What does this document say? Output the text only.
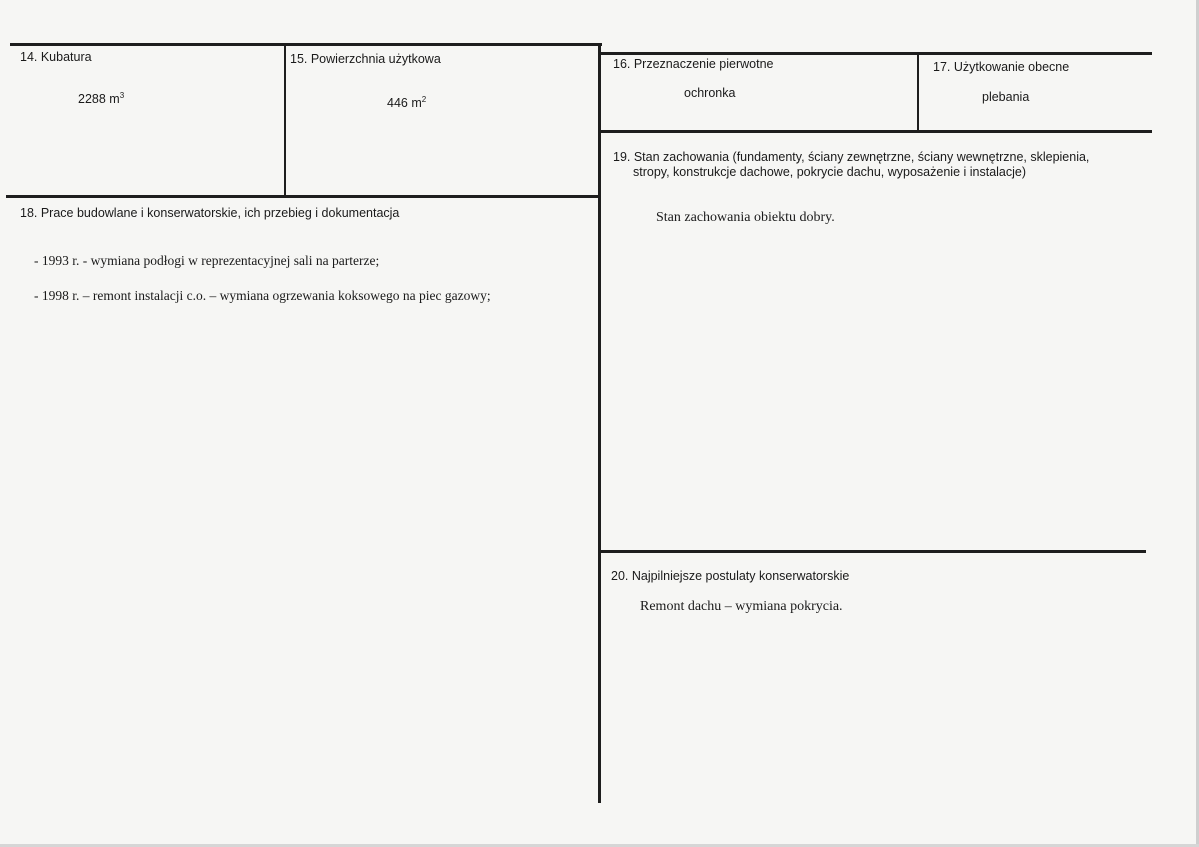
14. Kubatura
2288 $m^3$
15. Powierzchnia użytkowa
446 $m^2$
16. Przeznaczenie pierwotne
ochronka
17. Użytkowanie obecne
plebania
18. Prace budowlane i konserwatorskie, ich przebieg i dokumentacja
- 1993 r. - wymiana podłogi w reprezentacyjnej sali na parterze;
- 1998 r. – remont instalacji c.o. – wymiana ogrzewania koksowego na piec gazowy;
19. Stan zachowania (fundamenty, ściany zewnętrzne, ściany wewnętrzne, sklepienia,
stropy, konstrukcje dachowe, pokrycie dachu, wyposażenie i instalacje)
Stan zachowania obiektu dobry.
20. Najpilniejsze postulaty konserwatorskie
Remont dachu – wymiana pokrycia.
